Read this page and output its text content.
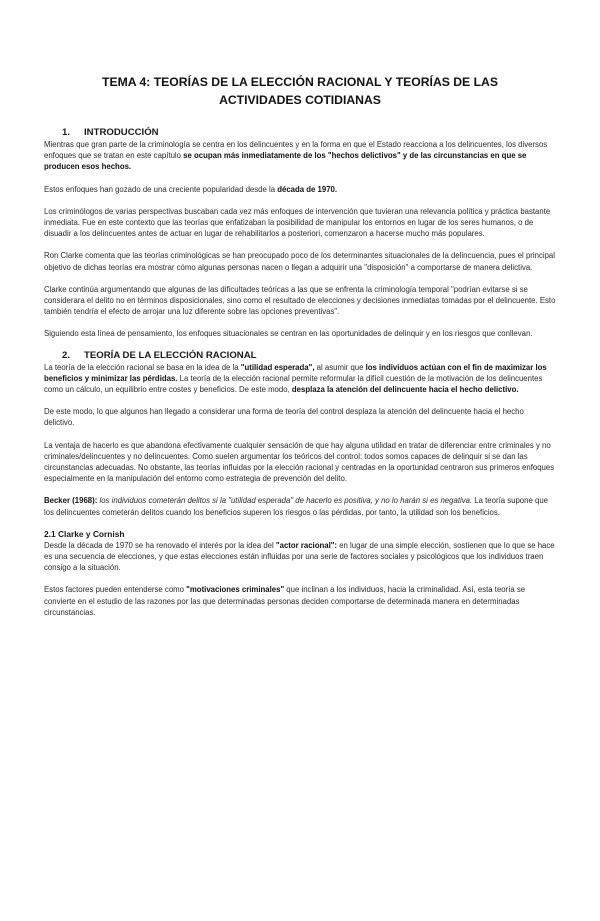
TEMA 4: TEORÍAS DE LA ELECCIÓN RACIONAL Y TEORÍAS DE LAS
ACTIVIDADES COTIDIANAS
1. INTRODUCCIÓN

Mientras que gran parte de la criminología se centra en los delincuentes y en la forma en que el Estado reacciona a los delincuentes, los diversos enfoques que se tratan en este capítulo se ocupan más inmediatamente de los "hechos delictivos" y de las circunstancias en que se producen esos hechos.

Estos enfoques han gozado de una creciente popularidad desde la década de 1970.

Los criminólogos de varias perspectivas buscaban cada vez más enfoques de intervención que tuvieran una relevancia política y práctica bastante inmediata. Fue en este contexto que las teorías que enfatizaban la posibilidad de manipular los entornos en lugar de los seres humanos, o de disuadir a los delincuentes antes de actuar en lugar de rehabilitarlos a posteriori, comenzaron a hacerse mucho más populares.

Ron Clarke comenta que las teorías criminológicas se han preocupado poco de los determinantes situacionales de la delincuencia, pues el principal objetivo de dichas teorías era mostrar cómo algunas personas nacen o llegan a adquirir una "disposición" a comportarse de manera delictiva.

Clarke continúa argumentando que algunas de las dificultades teóricas a las que se enfrenta la criminología temporal "podrían evitarse si se considerara el delito no en términos disposicionales, sino como el resultado de elecciones y decisiones inmediatas tomadas por el delincuente. Esto también tendría el efecto de arrojar una luz diferente sobre las opciones preventivas".

Siguiendo esta línea de pensamiento, los enfoques situacionales se centran en las oportunidades de delinquir y en los riesgos que conllevan.

2. TEORÍA DE LA ELECCIÓN RACIONAL

La teoría de la elección racional se basa en la idea de la "utilidad esperada", al asumir que los individuos actúan con el fin de maximizar los beneficios y minimizar las pérdidas. La teoría de la elección racional permite reformular la difícil cuestión de la motivación de los delincuentes como un cálculo, un equilibrio entre costes y beneficios. De este modo, desplaza la atención del delincuente hacia el hecho delictivo.

De este modo, lo que algunos han llegado a considerar una forma de teoría del control desplaza la atención del delincuente hacia el hecho delictivo.

La ventaja de hacerlo es que abandona efectivamente cualquier sensación de que hay alguna utilidad en tratar de diferenciar entre criminales y no criminales/delincuentes y no delincuentes. Como suelen argumentar los teóricos del control: todos somos capaces de delinquir si se dan las circunstancias adecuadas. No obstante, las teorías influidas por la elección racional y centradas en la oportunidad centraron sus primeros enfoques especialmente en la manipulación del entorno como estrategia de prevención del delito.

Becker (1968): los individuos cometerán delitos si la "utilidad esperada" de hacerlo es positiva, y no lo harán si es negativa. La teoría supone que los delincuentes cometerán delitos cuando los beneficios superen los riesgos o las pérdidas, por tanto, la utilidad son los beneficios.

2.1 Clarke y Cornish

Desde la década de 1970 se ha renovado el interés por la idea del "actor racional": en lugar de una simple elección, sostienen que lo que se hace es una secuencia de elecciones, y que estas elecciones están influidas por una serie de factores sociales y psicológicos que los individuos traen consigo a la situación.

Estos factores pueden entenderse como "motivaciones criminales" que inclinan a los individuos, hacia la criminalidad. Así, esta teoría se convierte en el estudio de las razones por las que determinadas personas deciden comportarse de determinada manera en determinadas circunstancias.
